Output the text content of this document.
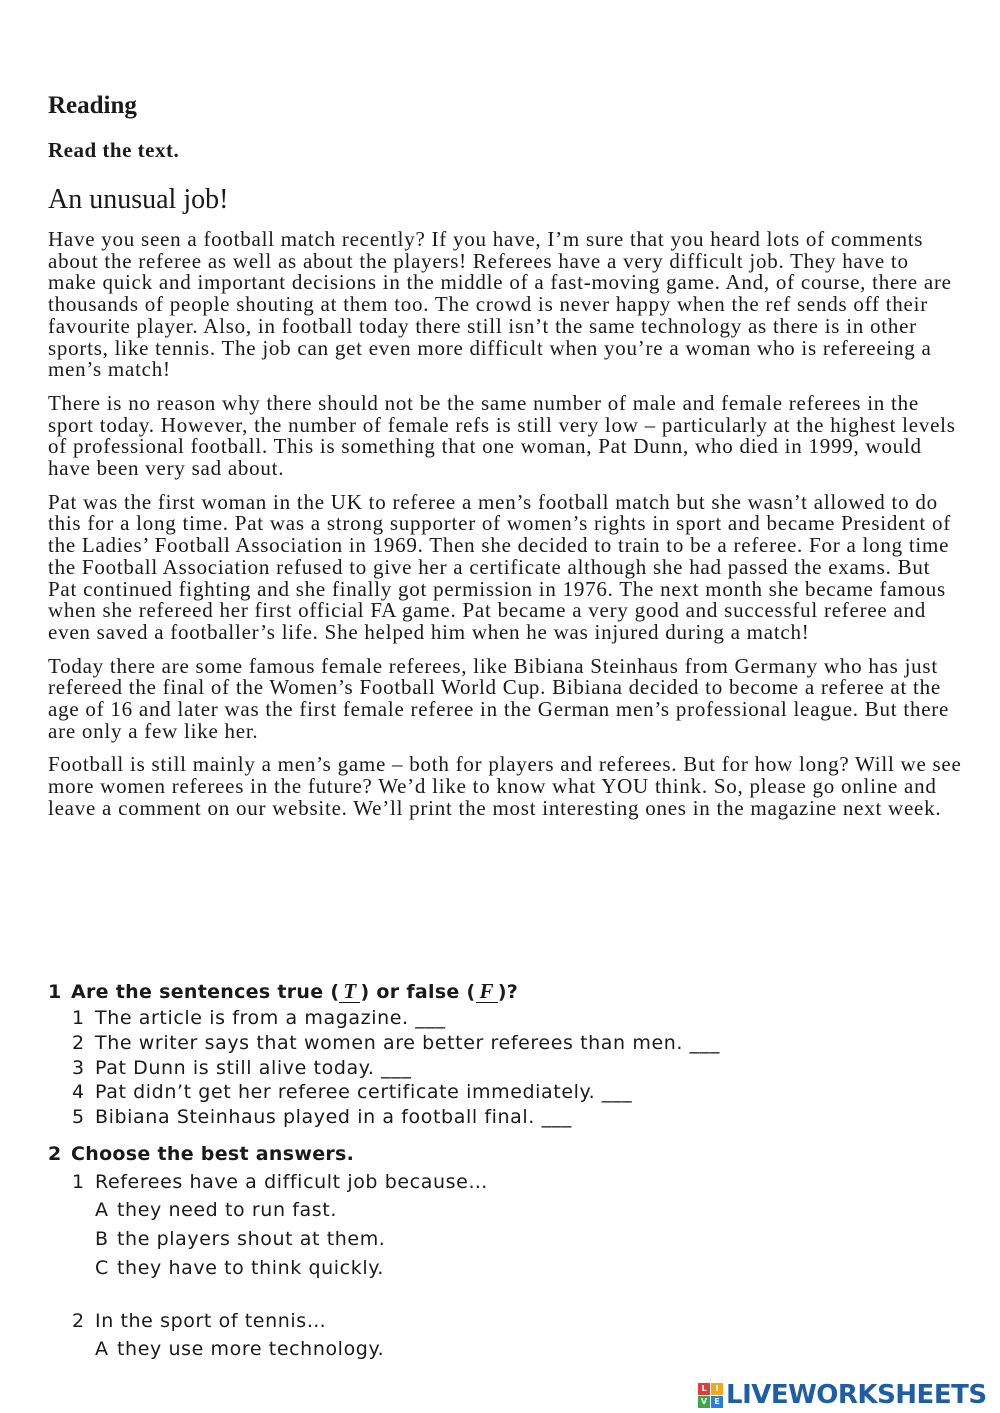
Reading
Read the text.
An unusual job!

Have you seen a football match recently? If you have, I’m sure that you heard lots of comments about the referee as well as about the players! Referees have a very difficult job. They have to make quick and important decisions in the middle of a fast-moving game. And, of course, there are thousands of people shouting at them too. The crowd is never happy when the ref sends off their favourite player. Also, in football today there still isn’t the same technology as there is in other sports, like tennis. The job can get even more difficult when you’re a woman who is refereeing a men’s match!

There is no reason why there should not be the same number of male and female referees in the sport today. However, the number of female refs is still very low – particularly at the highest levels of professional football. This is something that one woman, Pat Dunn, who died in 1999, would have been very sad about.

Pat was the first woman in the UK to referee a men’s football match but she wasn’t allowed to do this for a long time. Pat was a strong supporter of women’s rights in sport and became President of the Ladies’ Football Association in 1969. Then she decided to train to be a referee. For a long time the Football Association refused to give her a certificate although she had passed the exams. But Pat continued fighting and she finally got permission in 1976. The next month she became famous when she refereed her first official FA game. Pat became a very good and successful referee and even saved a footballer’s life. She helped him when he was injured during a match!

Today there are some famous female referees, like Bibiana Steinhaus from Germany who has just refereed the final of the Women’s Football World Cup. Bibiana decided to become a referee at the age of 16 and later was the first female referee in the German men’s professional league. But there are only a few like her.

Football is still mainly a men’s game – both for players and referees. But for how long? Will we see more women referees in the future? We’d like to know what YOU think. So, please go online and leave a comment on our website. We’ll print the most interesting ones in the magazine next week.

1 Are the sentences true ( T ) or false ( F )?
1 The article is from a magazine. ___
2 The writer says that women are better referees than men. ___
3 Pat Dunn is still alive today. ___
4 Pat didn’t get her referee certificate immediately. ___
5 Bibiana Steinhaus played in a football final. ___
2 Choose the best answers.
1 Referees have a difficult job because…
A they need to run fast.
B the players shout at them.
C they have to think quickly.
2 In the sport of tennis…
A they use more technology.
L	I
V E LIVEWORKSHEETS
